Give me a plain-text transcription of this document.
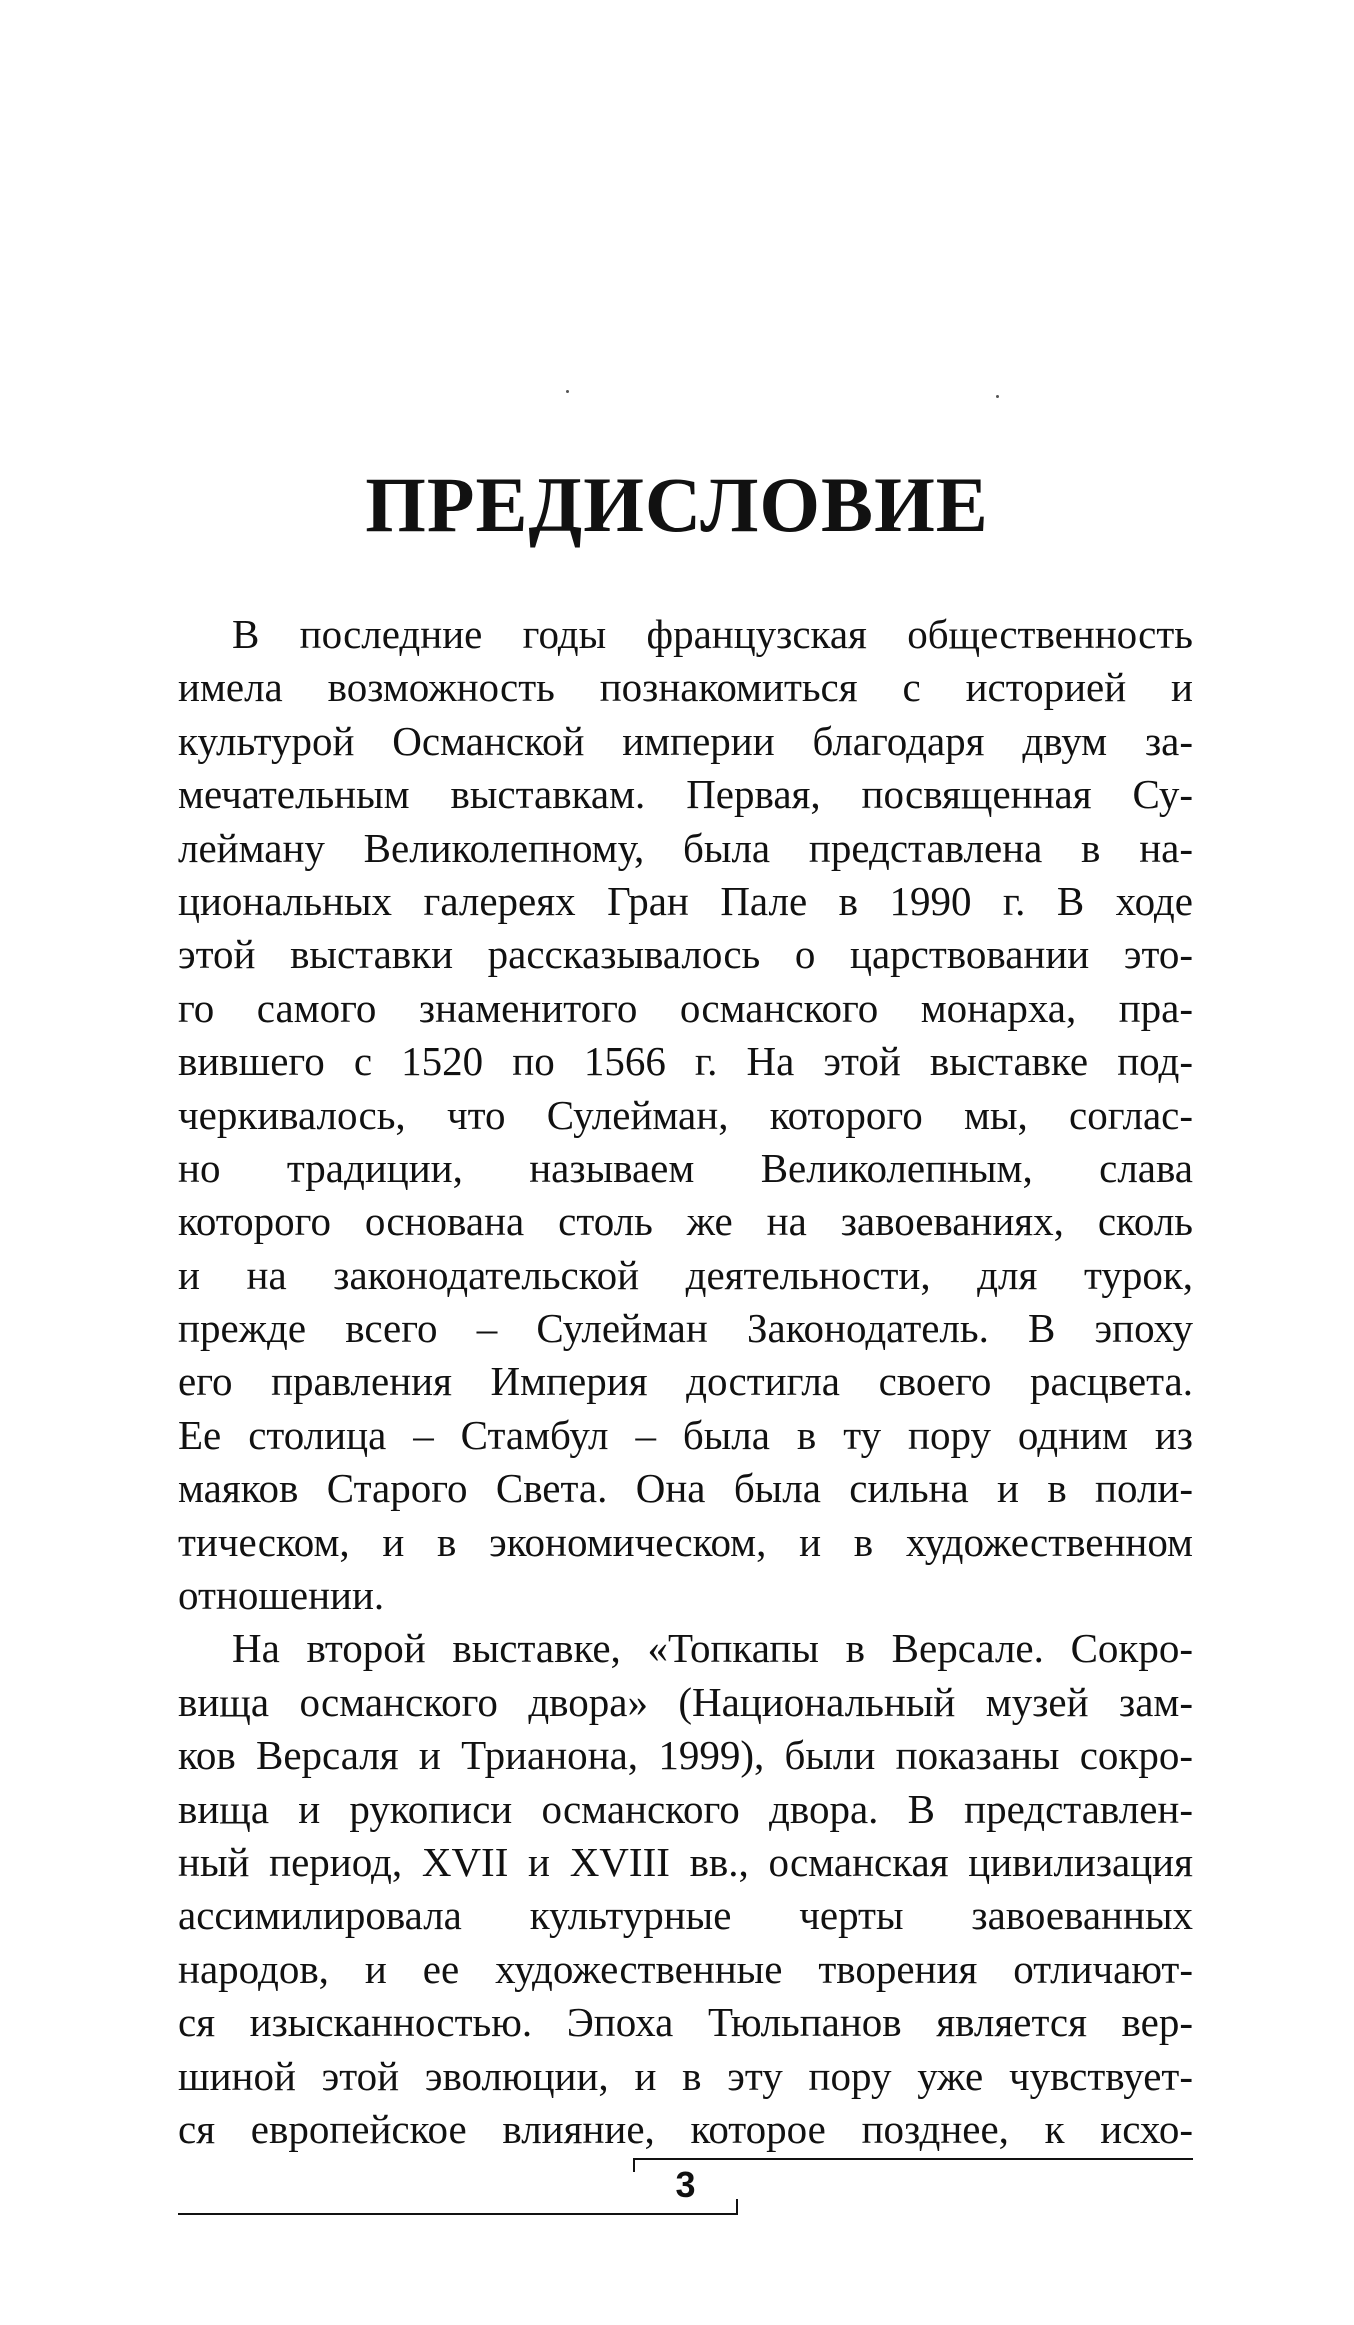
ПРЕДИСЛОВИЕ
В последние годы французская общественность
имела возможность познакомиться с историей и
культурой Османской империи благодаря двум за-
мечательным выставкам. Первая, посвященная Су-
лейману Великолепному, была представлена в на-
циональных галереях Гран Пале в 1990 г. В ходе
этой выставки рассказывалось о царствовании это-
го самого знаменитого османского монарха, пра-
вившего с 1520 по 1566 г. На этой выставке под-
черкивалось, что Сулейман, которого мы, соглас-
но традиции, называем Великолепным, слава
которого основана столь же на завоеваниях, сколь
и на законодательской деятельности, для турок,
прежде всего – Сулейман Законодатель. В эпоху
его правления Империя достигла своего расцвета.
Ее столица – Стамбул – была в ту пору одним из
маяков Старого Света. Она была сильна и в поли-
тическом, и в экономическом, и в художественном
отношении.
На второй выставке, «Топкапы в Версале. Сокро-
вища османского двора» (Национальный музей зам-
ков Версаля и Трианона, 1999), были показаны сокро-
вища и рукописи османского двора. В представлен-
ный период, XVII и XVIII вв., османская цивилизация
ассимилировала культурные черты завоеванных
народов, и ее художественные творения отличают-
ся изысканностью. Эпоха Тюльпанов является вер-
шиной этой эволюции, и в эту пору уже чувствует-
ся европейское влияние, которое позднее, к исхо-
3
